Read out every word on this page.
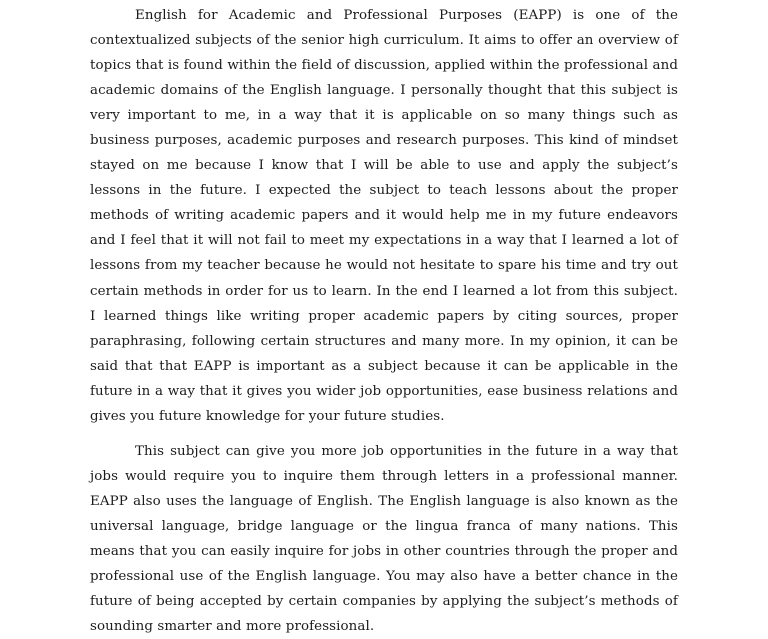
English for Academic and Professional Purposes (EAPP) is one of the contextualized subjects of the senior high curriculum. It aims to offer an overview of topics that is found within the field of discussion, applied within the professional and academic domains of the English language. I personally thought that this subject is very important to me, in a way that it is applicable on so many things such as business purposes, academic purposes and research purposes. This kind of mindset stayed on me because I know that I will be able to use and apply the subject’s lessons in the future. I expected the subject to teach lessons about the proper methods of writing academic papers and it would help me in my future endeavors and I feel that it will not fail to meet my expectations in a way that I learned a lot of lessons from my teacher because he would not hesitate to spare his time and try out certain methods in order for us to learn. In the end I learned a lot from this subject. I learned things like writing proper academic papers by citing sources, proper paraphrasing, following certain structures and many more. In my opinion, it can be said that that EAPP is important as a subject because it can be applicable in the future in a way that it gives you wider job opportunities, ease business relations and gives you future knowledge for your future studies.

This subject can give you more job opportunities in the future in a way that jobs would require you to inquire them through letters in a professional manner. EAPP also uses the language of English. The English language is also known as the universal language, bridge language or the lingua franca of many nations. This means that you can easily inquire for jobs in other countries through the proper and professional use of the English language. You may also have a better chance in the future of being accepted by certain companies by applying the subject’s methods of sounding smarter and more professional.
